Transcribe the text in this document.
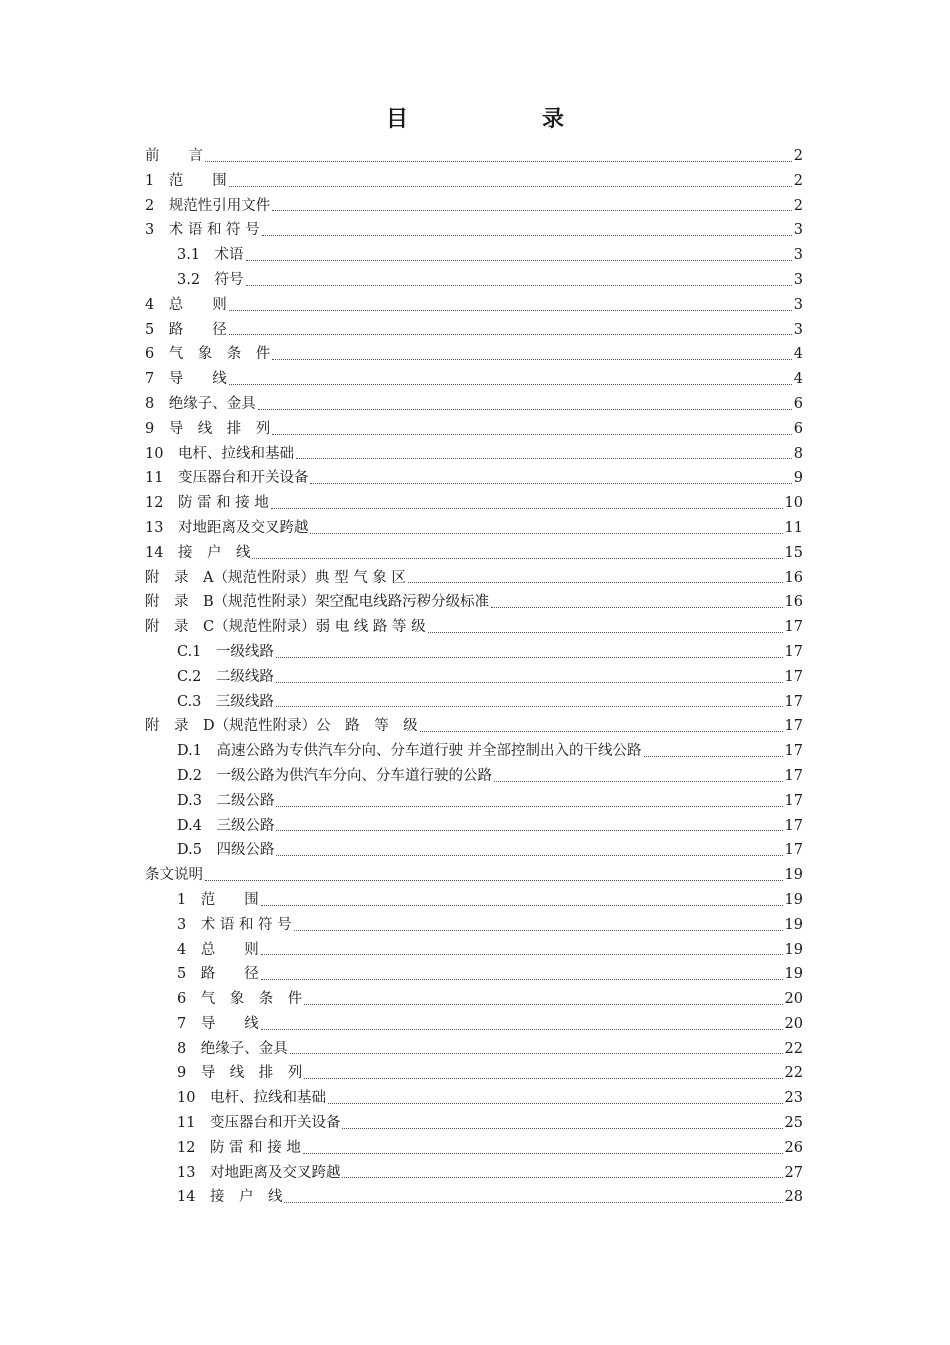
目　录
前　　言	2
1　范　　围	2
2　规范性引用文件	2
3　术 语 和 符 号	3
3.1　术语	3
3.2　符号	3
4　总　　则	3
5　路　　径	3
6　气　象　条　件	4
7　导　　线	4
8　绝缘子、金具	6
9　导　线　排　列	6
10　电杆、拉线和基础	8
11　变压器台和开关设备	9
12　防 雷 和 接 地	10
13　对地距离及交叉跨越	11
14　接　户　线	15
附　录　A（规范性附录）典 型 气 象 区	16
附　录　B（规范性附录）架空配电线路污秽分级标准	16
附　录　C（规范性附录）弱 电 线 路 等 级	17
C.1　一级线路	17
C.2　二级线路	17
C.3　三级线路	17
附　录　D（规范性附录）公　路　等　级	17
D.1　高速公路为专供汽车分向、分车道行驶 并全部控制出入的干线公路	17
D.2　一级公路为供汽车分向、分车道行驶的公路	17
D.3　二级公路	17
D.4　三级公路	17
D.5　四级公路	17
条文说明	19
1　范　　围	19
3　术 语 和 符 号	19
4　总　　则	19
5　路　　径	19
6　气　象　条　件	20
7　导　　线	20
8　绝缘子、金具	22
9　导　线　排　列	22
10　电杆、拉线和基础	23
11　变压器台和开关设备	25
12　防 雷 和 接 地	26
13　对地距离及交叉跨越	27
14　接　户　线	28
